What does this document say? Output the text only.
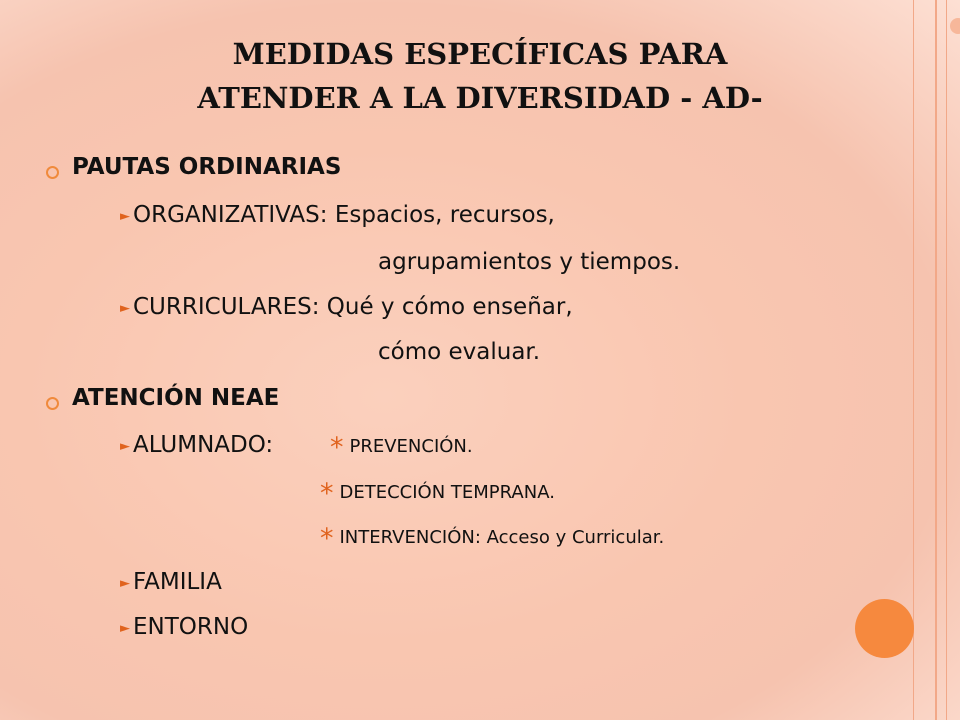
MEDIDAS ESPECÍFICAS PARA
ATENDER A LA DIVERSIDAD - AD-
PAUTAS ORDINARIAS
► ORGANIZATIVAS: Espacios, recursos,
agrupamientos y tiempos.
► CURRICULARES: Qué y cómo enseñar,
cómo evaluar.
ATENCIÓN NEAE
► ALUMNADO: * PREVENCIÓN.
* DETECCIÓN TEMPRANA.
* INTERVENCIÓN: Acceso y Curricular.
► FAMILIA
► ENTORNO
